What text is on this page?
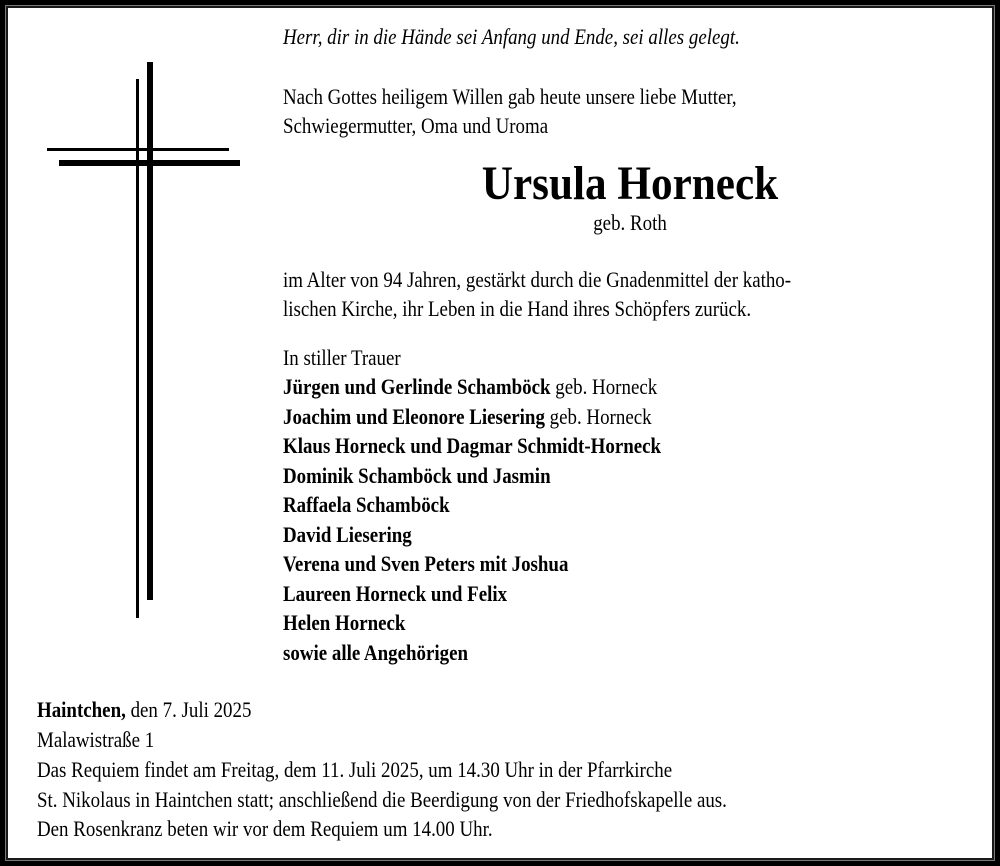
Herr, dir in die Hände sei Anfang und Ende, sei alles gelegt.
Nach Gottes heiligem Willen gab heute unsere liebe Mutter,
Schwiegermutter, Oma und Uroma
Ursula Horneck
geb. Roth
im Alter von 94 Jahren, gestärkt durch die Gnadenmittel der katho-
lischen Kirche, ihr Leben in die Hand ihres Schöpfers zurück.
In stiller Trauer
Jürgen und Gerlinde Schamböck geb. Horneck
Joachim und Eleonore Liesering geb. Horneck
Klaus Horneck und Dagmar Schmidt-Horneck
Dominik Schamböck und Jasmin
Raffaela Schamböck
David Liesering
Verena und Sven Peters mit Joshua
Laureen Horneck und Felix
Helen Horneck
sowie alle Angehörigen
Haintchen, den 7. Juli 2025
Malawistraße 1
Das Requiem findet am Freitag, dem 11. Juli 2025, um 14.30 Uhr in der Pfarrkirche
St. Nikolaus in Haintchen statt; anschließend die Beerdigung von der Friedhofskapelle aus.
Den Rosenkranz beten wir vor dem Requiem um 14.00 Uhr.
